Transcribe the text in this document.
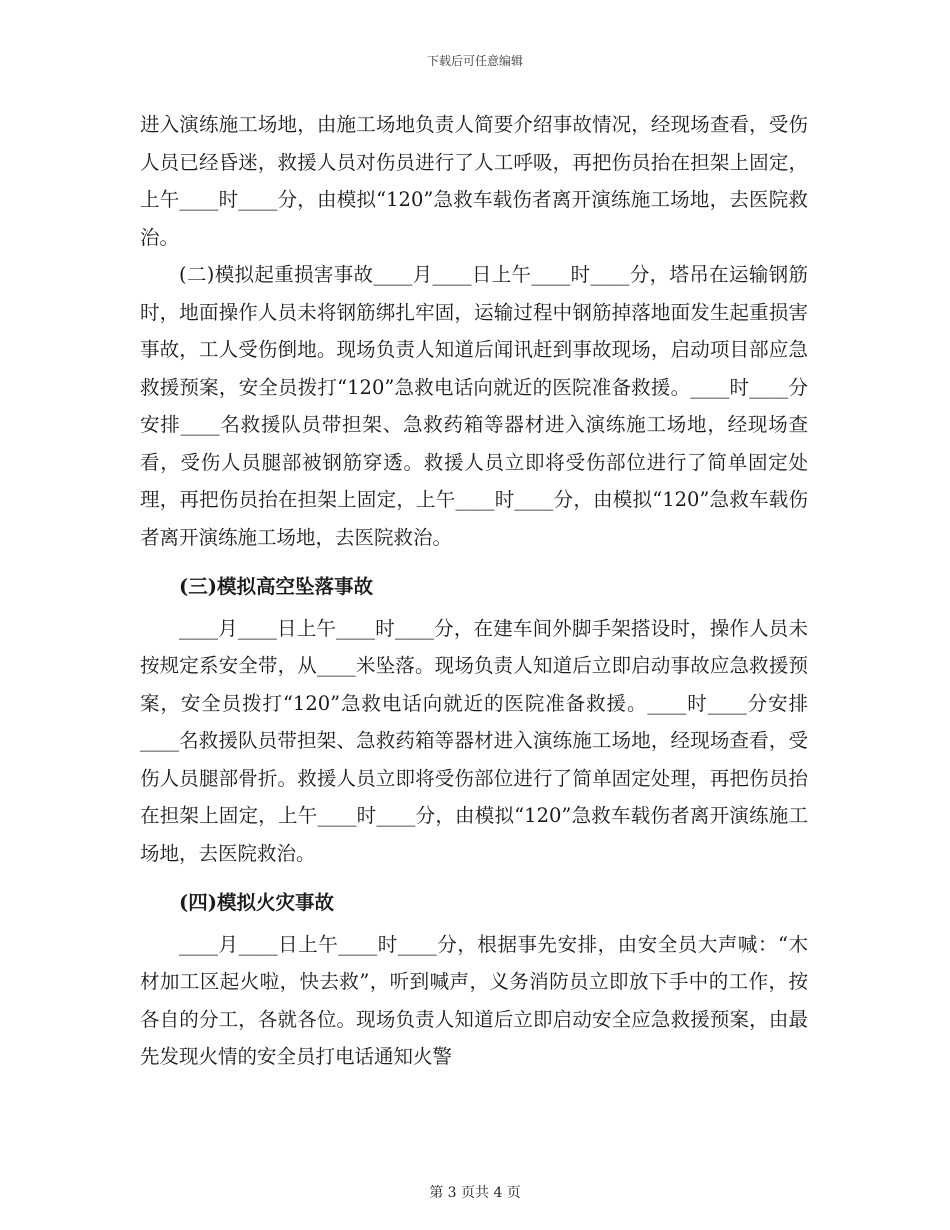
下载后可任意编辑

进入演练施工场地，由施工场地负责人简要介绍事故情况，经现场查看，受伤人员已经昏迷，救援人员对伤员进行了人工呼吸，再把伤员抬在担架上固定，上午____时____分，由模拟“120”急救车载伤者离开演练施工场地，去医院救治。

(二)模拟起重损害事故____月____日上午____时____分，塔吊在运输钢筋时，地面操作人员未将钢筋绑扎牢固，运输过程中钢筋掉落地面发生起重损害事故，工人受伤倒地。现场负责人知道后闻讯赶到事故现场，启动项目部应急救援预案，安全员拨打“120”急救电话向就近的医院准备救援。____时____分安排____名救援队员带担架、急救药箱等器材进入演练施工场地，经现场查看，受伤人员腿部被钢筋穿透。救援人员立即将受伤部位进行了简单固定处理，再把伤员抬在担架上固定，上午____时____分，由模拟“120”急救车载伤者离开演练施工场地，去医院救治。

(三)模拟高空坠落事故

____月____日上午____时____分，在建车间外脚手架搭设时，操作人员未按规定系安全带，从____米坠落。现场负责人知道后立即启动事故应急救援预案，安全员拨打“120”急救电话向就近的医院准备救援。____时____分安排____名救援队员带担架、急救药箱等器材进入演练施工场地，经现场查看，受伤人员腿部骨折。救援人员立即将受伤部位进行了简单固定处理，再把伤员抬在担架上固定，上午____时____分，由模拟“120”急救车载伤者离开演练施工场地，去医院救治。

(四)模拟火灾事故

____月____日上午____时____分，根据事先安排，由安全员大声喊：“木材加工区起火啦，快去救”，听到喊声，义务消防员立即放下手中的工作，按各自的分工，各就各位。现场负责人知道后立即启动安全应急救援预案，由最先发现火情的安全员打电话通知火警

第 3 页共 4 页
